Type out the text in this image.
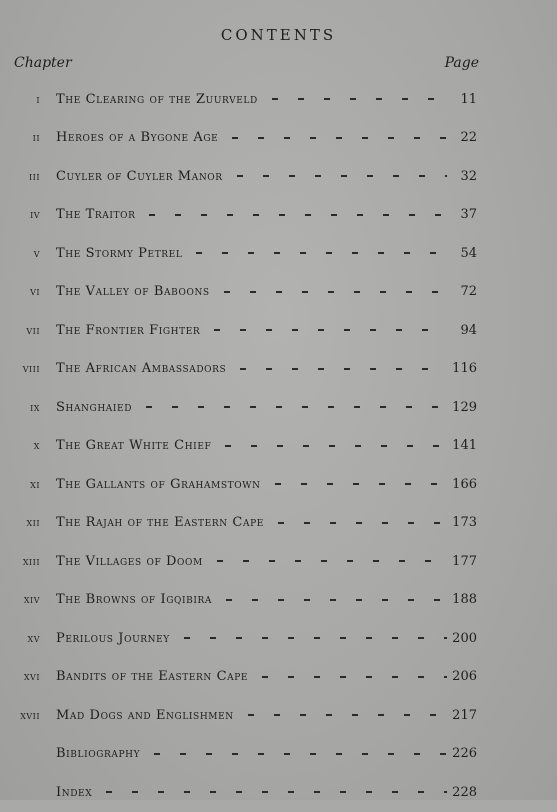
CONTENTS
Chapter	Page
i The Clearing of the Zuurveld	11
ii Heroes of a Bygone Age	22
iii Cuyler of Cuyler Manor	32
iv The Traitor	37
v The Stormy Petrel	54
vi The Valley of Baboons	72
vii The Frontier Fighter	94
viii The African Ambassadors	116
ix Shanghaied	129
x The Great White Chief	141
xi The Gallants of Grahamstown	166
xii The Rajah of the Eastern Cape	173
xiii The Villages of Doom	177
xiv The Browns of Igqibira	188
xv Perilous Journey	200
xvi Bandits of the Eastern Cape	206
xvii Mad Dogs and Englishmen	217
Bibliography	226
Index	228
